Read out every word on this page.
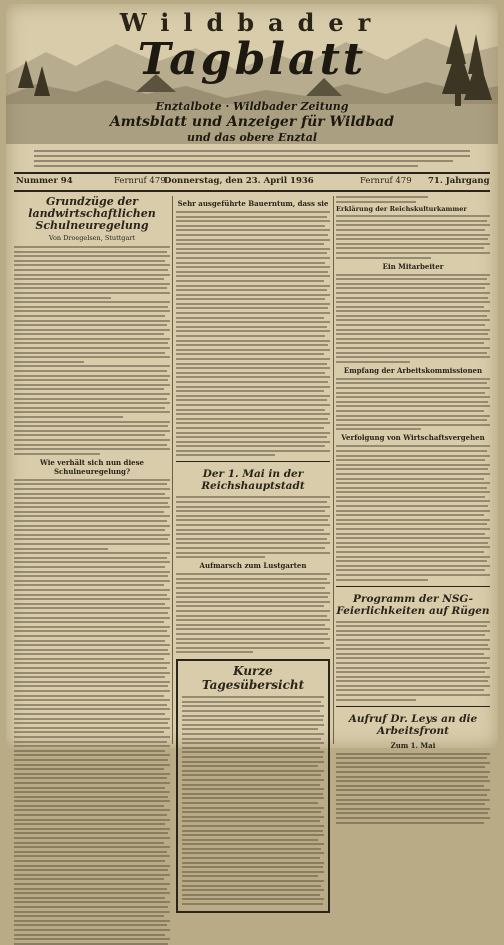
Wildbader
Tagblatt
Enztalbote · Wildbader Zeitung
Amtsblatt und Anzeiger für Wildbad
und das obere Enztal
Nummer 94	Fernruf 479
Donnerstag, den 23. April 1936	Fernruf 479 71. Jahrgang
Grundzüge der landwirtschaftlichen Schulneuregelung
Von Droegelsen, Stuttgart
Wie verhält sich nun diese Schulneuregelung?
Sehr ausgeführte Bauerntum, dass sie
Der 1. Mai in der Reichshauptstadt
Aufmarsch zum Lustgarten
Kurze Tagesübersicht
Erklärung der Reichskulturkammer
Ein Mitarbeiter
Empfang der Arbeitskommissionen
Verfolgung von Wirtschaftsvergehen
Programm der NSG-Feierlichkeiten auf Rügen
Aufruf Dr. Leys an die Arbeitsfront
Zum 1. Mai
